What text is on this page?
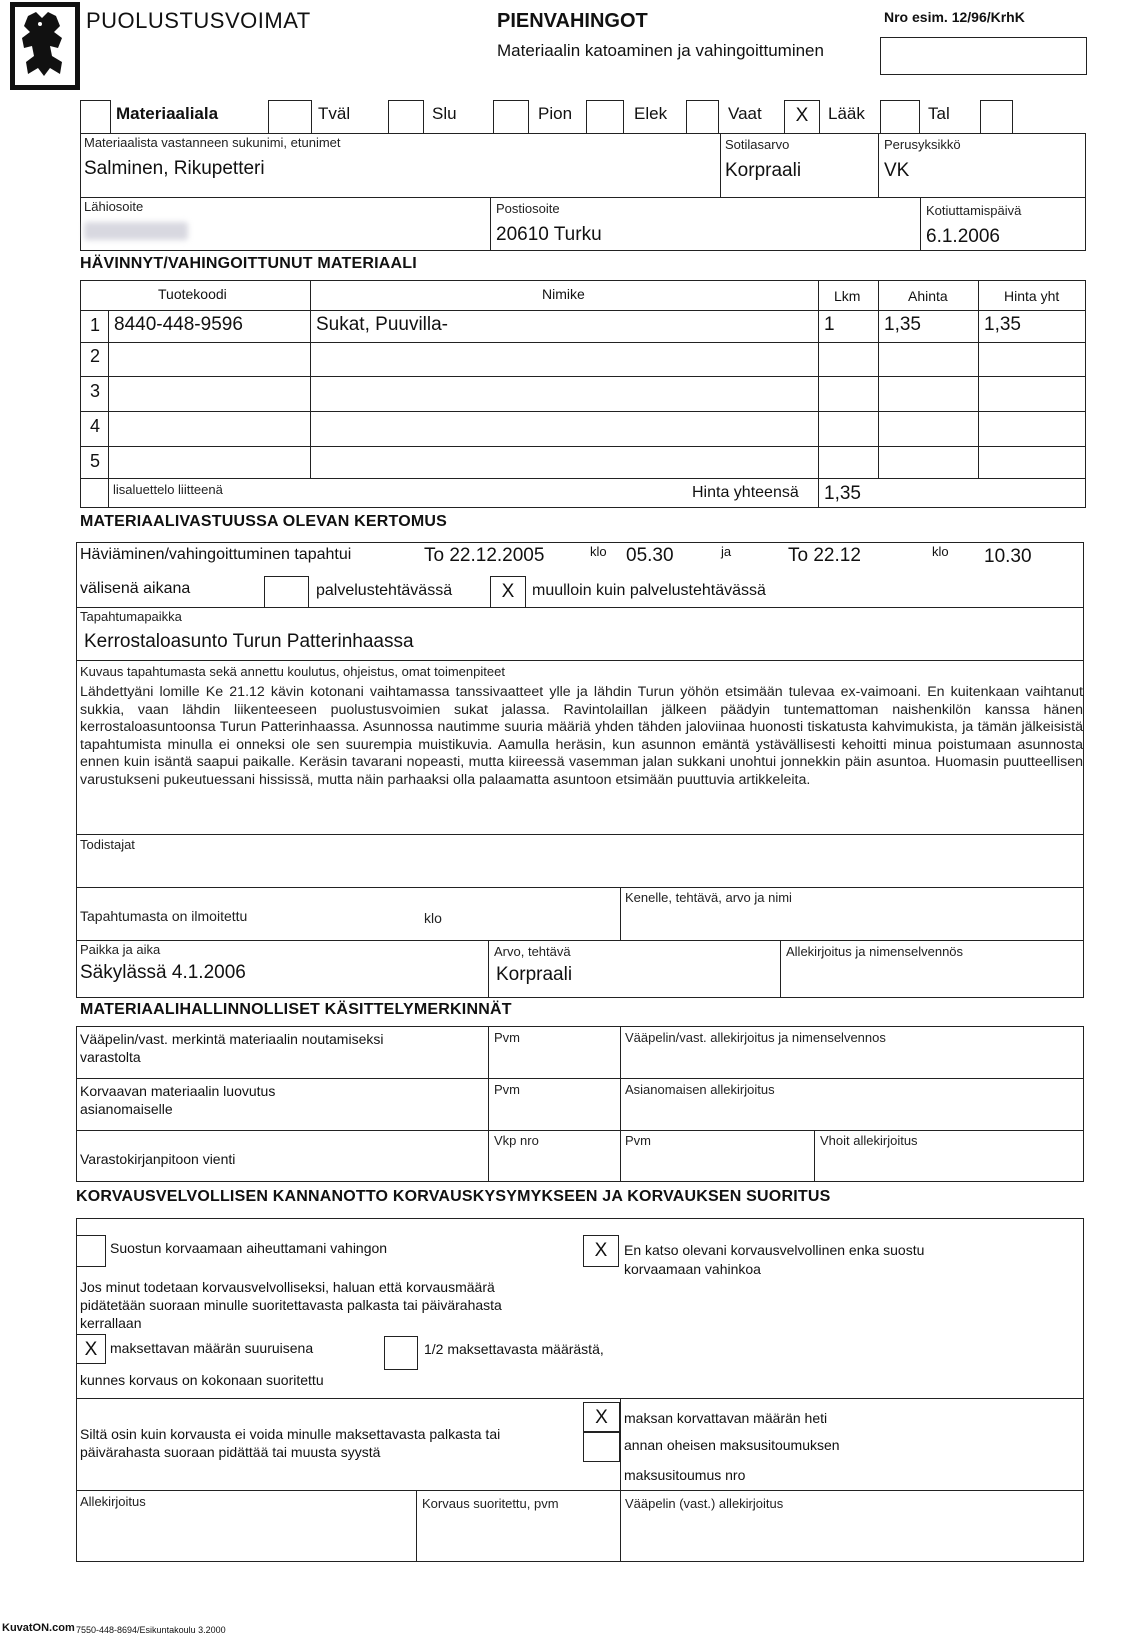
PUOLUSTUSVOIMAT	PIENVAHINGOT
Materiaalin katoaminen ja vahingoittuminen
Nro esim. 12/96/KrhK
Materiaaliala	Tväl	Slu	Pion	Elek	Vaat	X	Lääk	Tal
Materiaalista vastanneen sukunimi, etunimet
Salminen, Rikupetteri
Sotilasarvo
Korpraali
Perusyksikkö
VK
Lähiosoite	Postiosoite
20610 Turku
Kotiuttamispäivä
6.1.2006
HÄVINNYT/VAHINGOITTUNUT MATERIAALI
Tuotekoodi	Nimike	Lkm	Ahinta	Hinta yht
1 8440-448-9596	Sukat, Puuvilla-	1	1,35	1,35
2
3
4
5
lisaluettelo liitteenä	Hinta yhteensä 1,35
MATERIAALIVASTUUSSA OLEVAN KERTOMUS
Häviäminen/vahingoittuminen tapahtui	To 22.12.2005	klo 05.30	ja	To 22.12	klo 10.30
välisenä aikana	palvelustehtävässä	X	muulloin kuin palvelustehtävässä
Tapahtumapaikka
Kerrostaloasunto Turun Patterinhaassa
Kuvaus tapahtumasta sekä annettu koulutus, ohjeistus, omat toimenpiteet
Lähdettyäni lomille Ke 21.12 kävin kotonani vaihtamassa tanssivaatteet ylle ja lähdin Turun yöhön etsimään tulevaa ex-vaimoani. En kuitenkaan vaihtanut sukkia, vaan lähdin liikenteeseen puolustusvoimien sukat jalassa. Ravintolaillan jälkeen päädyin tuntemattoman naishenkilön kanssa hänen kerrostaloasuntoonsa Turun Patterinhaassa. Asunnossa nautimme suuria määriä yhden tähden jaloviinaa huonosti tiskatusta kahvimukista, ja tämän jälkeisistä tapahtumista minulla ei onneksi ole sen suurempia muistikuvia. Aamulla heräsin, kun asunnon emäntä ystävällisesti kehoitti minua poistumaan asunnosta ennen kuin isäntä saapui paikalle. Keräsin tavarani nopeasti, mutta kiireessä vasemman jalan sukkani unohtui jonnekkin päin asuntoa. Huomasin puutteellisen varustukseni pukeutuessani hississä, mutta näin parhaaksi olla palaamatta asuntoon etsimään puuttuvia artikkeleita.
Todistajat
Tapahtumasta on ilmoitettu	klo
Kenelle, tehtävä, arvo ja nimi
Paikka ja aika
Säkylässä 4.1.2006
Arvo, tehtävä
Korpraali
Allekirjoitus ja nimenselvennös
MATERIAALIHALLINNOLLISET KÄSITTELYMERKINNÄT
Vääpelin/vast. merkintä materiaalin noutamiseksi varastolta
Pvm	Vääpelin/vast. allekirjoitus ja nimenselvennos
Korvaavan materiaalin luovutus asianomaiselle
Pvm	Asianomaisen allekirjoitus
Varastokirjanpitoon vienti
Vkp nro	Pvm	Vhoit allekirjoitus
KORVAUSVELVOLLISEN KANNANOTTO KORVAUSKYSYMYKSEEN JA KORVAUKSEN SUORITUS
Suostun korvaamaan aiheuttamani vahingon	X	En katso olevani korvausvelvollinen enka suostu
korvaamaan vahinkoa
Jos minut todetaan korvausvelvolliseksi, haluan että korvausmäärä pidätetään suoraan minulle suoritettavasta palkasta tai päivärahasta kerrallaan
X maksettavan määrän suuruisena	1/2 maksettavasta määrästä,
kunnes korvaus on kokonaan suoritettu
Siltä osin kuin korvausta ei voida minulle maksettavasta palkasta tai päivärahasta suoraan pidättää tai muusta syystä
X	maksan korvattavan määrän heti
annan oheisen maksusitoumuksen
maksusitoumus nro
Allekirjoitus	Korvaus suoritettu, pvm	Vääpelin (vast.) allekirjoitus
KuvatON.com 7550-448-8694/Esikuntakoulu 3.2000
